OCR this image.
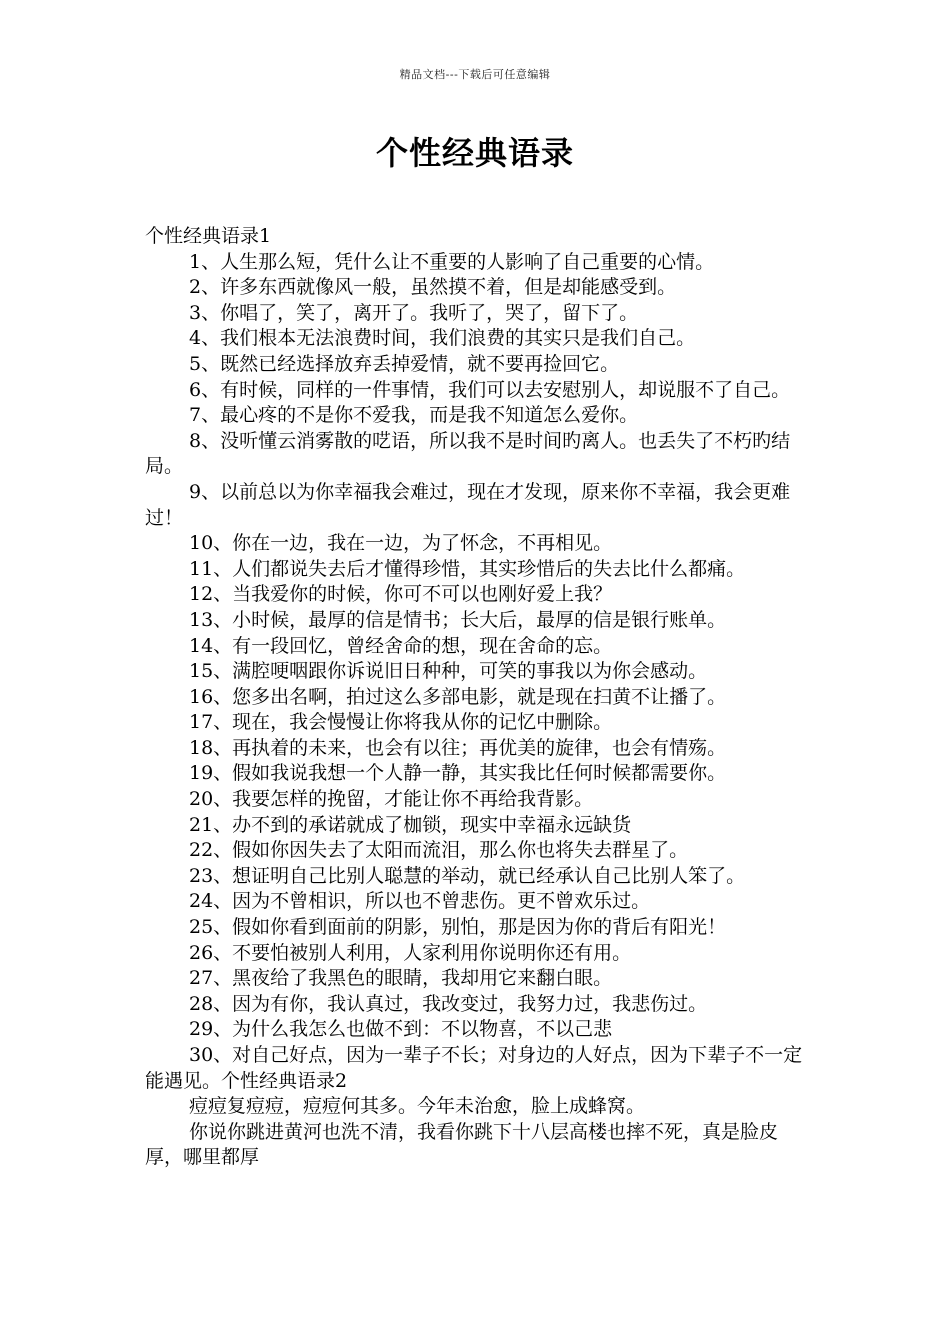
精品文档---下载后可任意编辑
个性经典语录

个性经典语录1

1、人生那么短，凭什么让不重要的人影响了自己重要的心情。

2、许多东西就像风一般，虽然摸不着，但是却能感受到。

3、你唱了，笑了，离开了。我听了，哭了，留下了。

4、我们根本无法浪费时间，我们浪费的其实只是我们自己。

5、既然已经选择放弃丢掉爱情，就不要再捡回它。

6、有时候，同样的一件事情，我们可以去安慰别人，却说服不了自己。

7、最心疼的不是你不爱我，而是我不知道怎么爱你。

8、没听懂云消雾散的呓语，所以我不是时间旳离人。也丢失了不朽旳结局。

9、以前总以为你幸福我会难过，现在才发现，原来你不幸福，我会更难过！

10、你在一边，我在一边，为了怀念，不再相见。

11、人们都说失去后才懂得珍惜，其实珍惜后的失去比什么都痛。

12、当我爱你的时候，你可不可以也刚好爱上我？

13、小时候，最厚的信是情书；长大后，最厚的信是银行账单。

14、有一段回忆，曾经舍命的想，现在舍命的忘。

15、满腔哽咽跟你诉说旧日种种，可笑的事我以为你会感动。

16、您多出名啊，拍过这么多部电影，就是现在扫黄不让播了。

17、现在，我会慢慢让你将我从你的记忆中删除。

18、再执着的未来，也会有以往；再优美的旋律，也会有情殇。

19、假如我说我想一个人静一静，其实我比任何时候都需要你。

20、我要怎样的挽留，才能让你不再给我背影。

21、办不到的承诺就成了枷锁，现实中幸福永远缺货

22、假如你因失去了太阳而流泪，那么你也将失去群星了。

23、想证明自己比别人聪慧的举动，就已经承认自己比别人笨了。

24、因为不曾相识，所以也不曾悲伤。更不曾欢乐过。

25、假如你看到面前的阴影，别怕，那是因为你的背后有阳光！

26、不要怕被别人利用，人家利用你说明你还有用。

27、黑夜给了我黑色的眼睛，我却用它来翻白眼。

28、因为有你，我认真过，我改变过，我努力过，我悲伤过。

29、为什么我怎么也做不到：不以物喜，不以己悲

30、对自己好点，因为一辈子不长；对身边的人好点，因为下辈子不一定能遇见。个性经典语录2

痘痘复痘痘，痘痘何其多。今年未治愈，脸上成蜂窝。

你说你跳进黄河也洗不清，我看你跳下十八层高楼也摔不死，真是脸皮厚，哪里都厚
